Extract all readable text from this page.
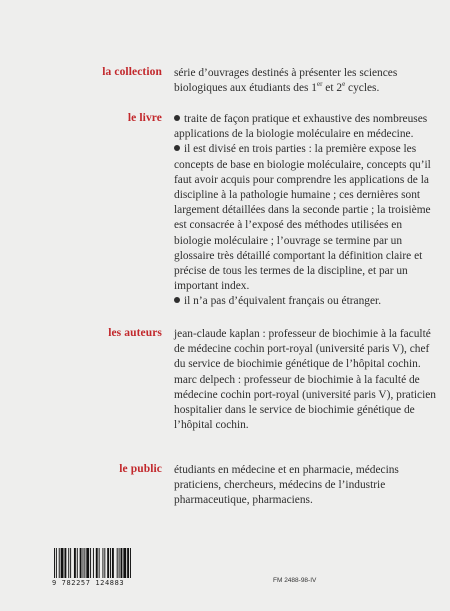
la collection série d’ouvrages destinés à présenter les sciences biologiques aux étudiants des 1er et 2e cycles.

le livre	traite de façon pratique et exhaustive des nombreuses applications de la biologie moléculaire en médecine.

il est divisé en trois parties : la première expose les concepts de base en biologie moléculaire, concepts qu’il faut avoir acquis pour comprendre les applications de la discipline à la pathologie humaine ; ces dernières sont largement détaillées dans la seconde partie ; la troisième est consacrée à l’exposé des méthodes utilisées en biologie moléculaire ; l’ouvrage se termine par un glossaire très détaillé comportant la définition claire et précise de tous les termes de la discipline, et par un important index.

il n’a pas d’équivalent français ou étranger.

les auteurs jean-claude kaplan : professeur de biochimie à la faculté de médecine cochin port-royal (université paris V), chef du service de biochimie génétique de l’hôpital cochin.

marc delpech : professeur de biochimie à la faculté de médecine cochin port-royal (université paris V), praticien hospitalier dans le service de biochimie génétique de l’hôpital cochin.

le public étudiants en médecine et en pharmacie, médecins praticiens, chercheurs, médecins de l’industrie pharmaceutique, pharmaciens.
9 782257 124883	FM 2488-98-IV
